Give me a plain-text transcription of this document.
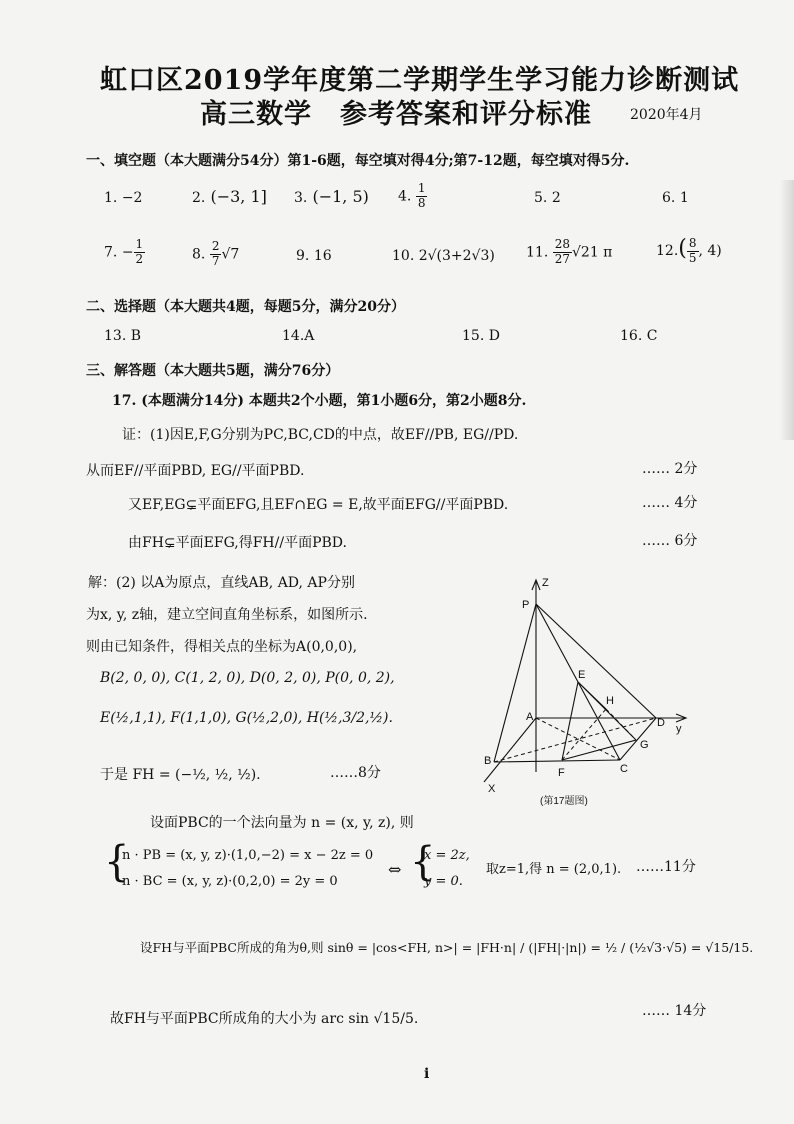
虹口区2019学年度第二学期学生学习能力诊断测试
高三数学　参考答案和评分标准	2020年4月
一、填空题（本大题满分54分）第1-6题，每空填对得4分;第7-12题，每空填对得5分.
1. −2	2. (−3, 1] 3. (−1, 5) 4. $\frac{1}{8}$	5. 2	6. 1
7. − $\frac{1}{2}$	8. $\frac{2}{7} √7$	9. 16	10. 2√(3+2√3) 11. $\frac{28}{27} √21$ π	$12.( \frac{8}{5}$ , 4)
二、选择题（本大题共4题，每题5分，满分20分）
13. B	14.A	15. D	16. C
三、解答题（本大题共5题，满分76分）
17. (本题满分14分) 本题共2个小题，第1小题6分，第2小题8分.
证：(1)因E,F,G分别为PC,BC,CD的中点，故EF//PB, EG//PD.
从而EF//平面PBD, EG//平面PBD.	…… 2分
又EF,EG⊊平面EFG,且EF∩EG = E,故平面EFG//平面PBD.	…… 4分
由FH⊊平面EFG,得FH//平面PBD.	…… 6分
解：(2) 以A为原点，直线AB, AD, AP分别
为x, y, z轴，建立空间直角坐标系，如图所示.
则由已知条件，得相关点的坐标为A(0,0,0),
B(2, 0, 0), C(1, 2, 0), D(0, 2, 0), P(0, 0, 2),
E(½,1,1), F(1,1,0), G(½,2,0), H(½,3/2,½).
于是 FH = (−½, ½, ½).	……8分
Z
P
E
H
A	D y
G
B
F	C
X
(第17题图)
设面PBC的一个法向量为 n = (x, y, z), 则
{
n · PB = (x, y, z)·(1,0,−2) = x − 2z = 0
n · BC = (x, y, z)·(0,2,0) = 2y = 0
⇔ {
x = 2z,
y = 0.
取z=1,得 n = (2,0,1). ……11分
设FH与平面PBC所成的角为θ,则 sinθ = |cos<FH, n>| = |FH·n| / (|FH|·|n|) = ½ / (½√3·√5) = √15/15.
故FH与平面PBC所成角的大小为 arc sin √15/5.	…… 14分
i
